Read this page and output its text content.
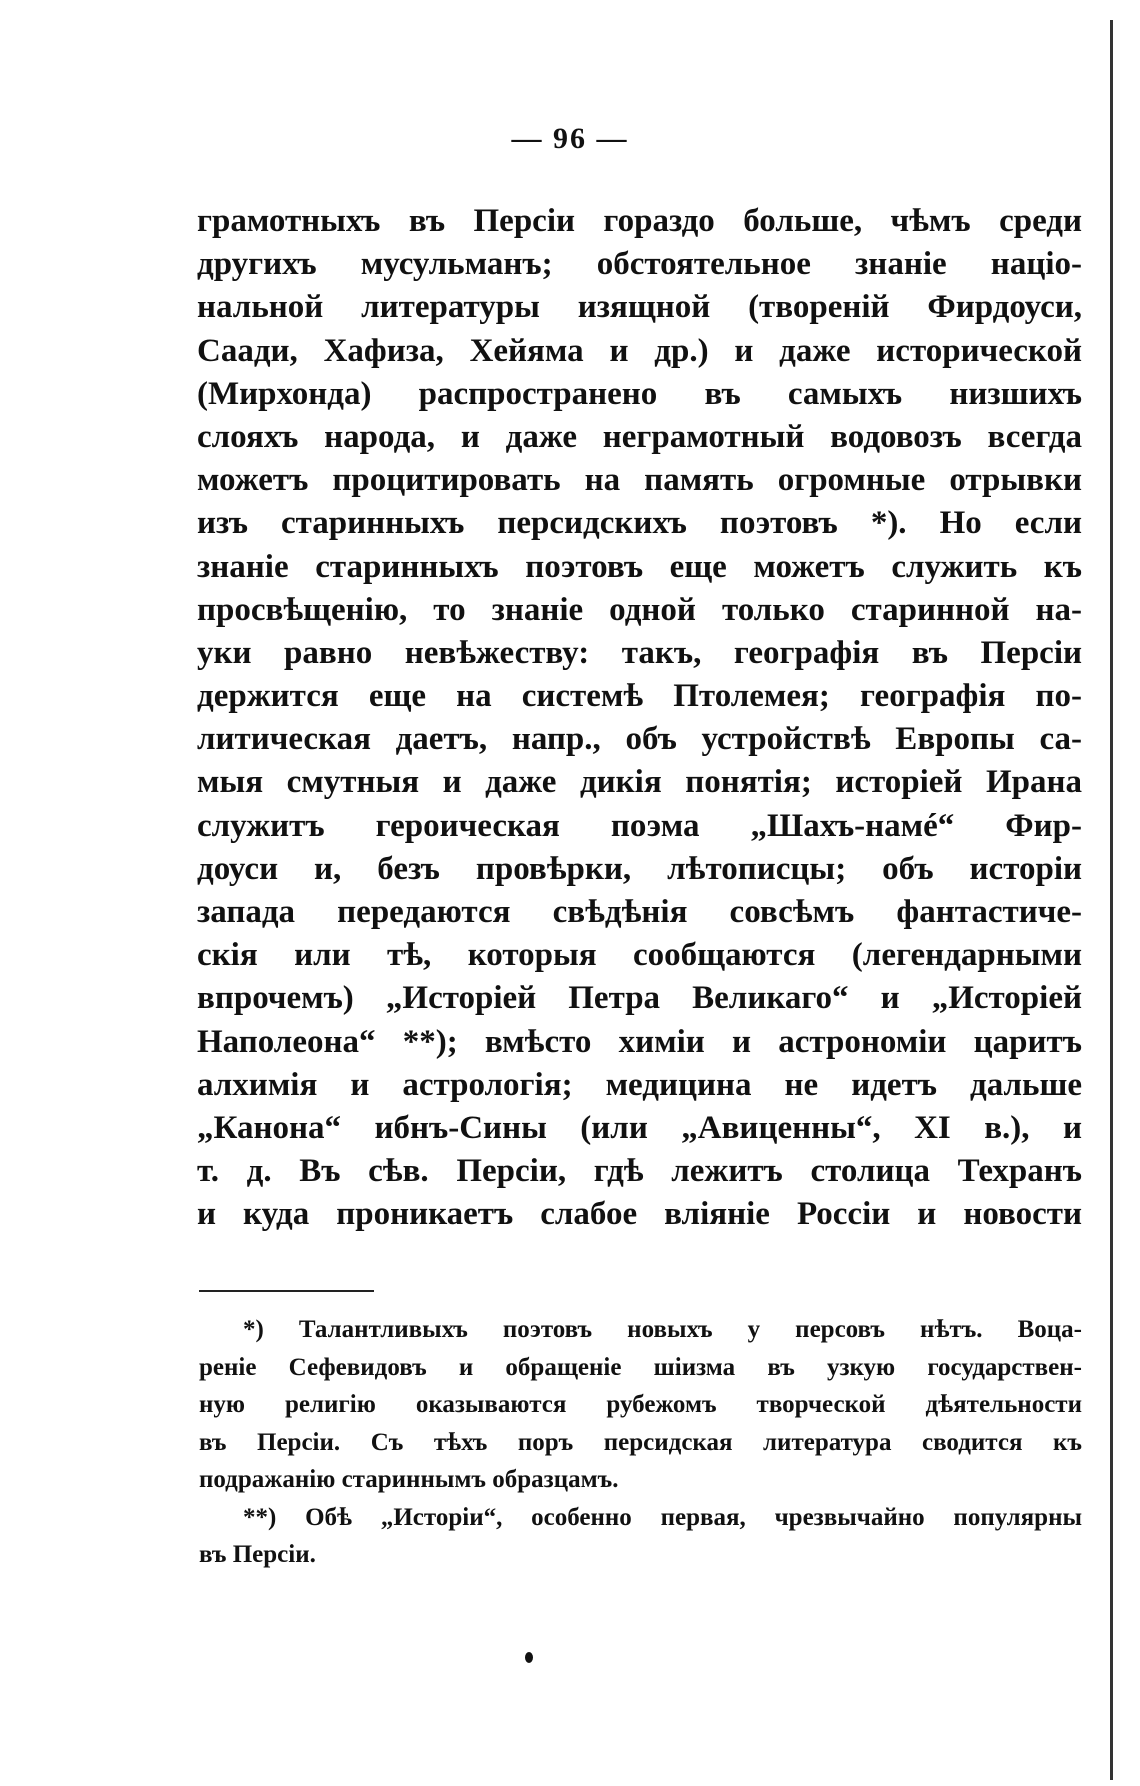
— 96 —
грамотныхъ въ Персіи гораздо больше, чѣмъ среди
другихъ мусульманъ; обстоятельное знаніе націо-
нальной литературы изящной (твореній Фирдоуси,
Саади, Хафиза, Хейяма и др.) и даже исторической
(Мирхонда) распространено въ самыхъ низшихъ
слояхъ народа, и даже неграмотный водовозъ всегда
можетъ процитировать на память огромные отрывки
изъ старинныхъ персидскихъ поэтовъ *). Но если
знаніе старинныхъ поэтовъ еще можетъ служить къ
просвѣщенію, то знаніе одной только старинной на-
уки равно невѣжеству: такъ, географія въ Персіи
держится еще на системѣ Птолемея; географія по-
литическая даетъ, напр., объ устройствѣ Европы са-
мыя смутныя и даже дикія понятія; исторіей Ирана
служитъ героическая поэма „Шахъ-намé“ Фир-
доуси и, безъ провѣрки, лѣтописцы; объ исторіи
запада передаются свѣдѣнія совсѣмъ фантастиче-
скія или тѣ, которыя сообщаются (легендарными
впрочемъ) „Исторіей Петра Великаго“ и „Исторіей
Наполеона“ **); вмѣсто химіи и астрономіи царитъ
алхимія и астрологія; медицина не идетъ дальше
„Канона“ ибнъ-Сины (или „Авиценны“, XI в.), и
т. д. Въ сѣв. Персіи, гдѣ лежитъ столица Техранъ
и куда проникаетъ слабое вліяніе Россіи и новости
*) Талантливыхъ поэтовъ новыхъ у персовъ нѣтъ. Воца-
реніе Сефевидовъ и обращеніе шіизма въ узкую государствен-
ную религію оказываются рубежомъ творческой дѣятельности
въ Персіи. Съ тѣхъ поръ персидская литература сводится къ
подражанію стариннымъ образцамъ.
**) Обѣ „Исторіи“, особенно первая, чрезвычайно популярны
въ Персіи.
